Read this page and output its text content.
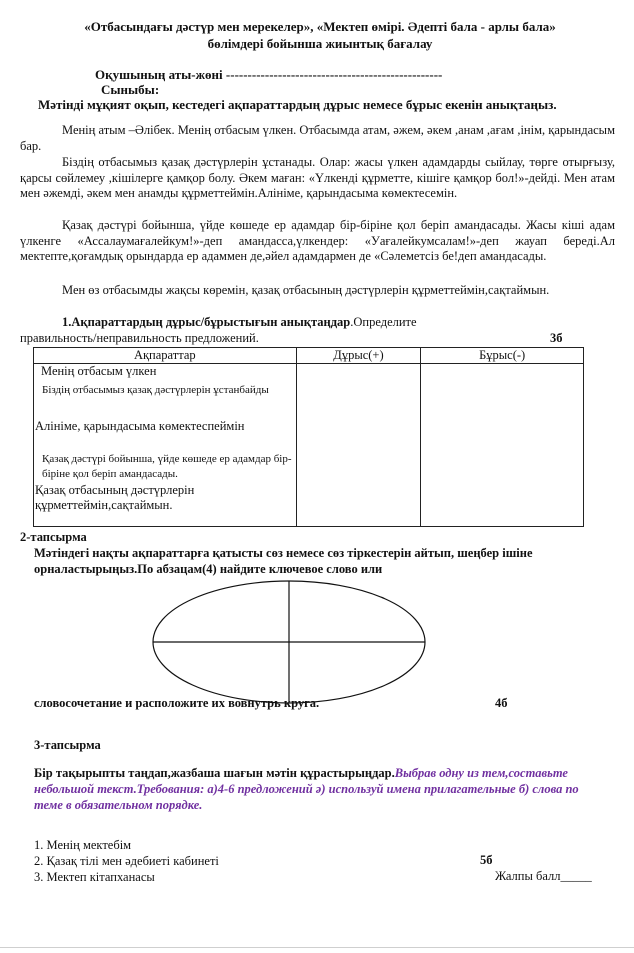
«Отбасындағы дәстүр мен мерекелер», «Мектеп өмірі. Әдепті бала - арлы бала»
бөлімдері бойынша жиынтық бағалау
Оқушының аты-жөні --------------------------------------------------
Сыныбы:
Мәтінді мұқият оқып, кестедегі ақпараттардың дұрыс немесе бұрыс екенін анықтаңыз.
Менің атым –Әлібек. Менің отбасым үлкен. Отбасымда атам, әжем, әкем ,анам ,ағам ,інім, қарындасым бар.
Біздің отбасымыз қазақ дәстүрлерін ұстанады. Олар: жасы үлкен адамдарды сыйлау, төрге отырғызу, қарсы сөйлемеу ,кішілерге қамқор болу. Әкем маған: «Үлкенді құрметте, кішіге қамқор бол!»-дейді. Мен атам мен әжемді, әкем мен анамды құрметтеймін.Алініме, қарындасыма көмектесемін.
Қазақ дәстүрі бойынша, үйде көшеде ер адамдар бір-біріне қол беріп амандасады. Жасы кіші адам үлкенге «Ассалаумағалейкум!»-деп амандасса,үлкендер: «Уағалейкумсалам!»-деп жауап береді.Ал мектепте,қоғамдық орындарда ер адаммен де,әйел адамдармен де «Сәлеметсіз бе!деп амандасады.
Мен өз отбасымды жақсы көремін, қазақ отбасының дәстүрлерін құрметтеймін,сақтаймын.
1.Ақпараттардың дұрыс/бұрыстығын анықтаңдар.Определите
правильность/неправильность предложений.	3б
Ақпараттар	Дұрыс(+)	Бұрыс(-)
Менің отбасым үлкен		
Біздің отбасымыз қазақ дәстүрлерін ұстанбайды		
Алініме, қарындасыма көмектеспеймін		
Қазақ дәстүрі бойынша, үйде көшеде ер адамдар бір-біріне қол беріп амандасады.		
Қазақ отбасының дәстүрлерін құрметтеймін,сақтаймын.		
2-тапсырма
Мәтіндегі нақты ақпараттарға қатысты сөз немесе сөз тіркестерін айтып, шеңбер ішіне орналастырыңыз.По абзацам(4) найдите ключевое слово или
словосочетание и расположите их вовнутрь круга.	4б
3-тапсырма
Бір тақырыпты таңдап,жазбаша шағын мәтін құрастырыңдар.Выбрав одну из тем,составьте небольшой текст.Требования: а)4-6 предложений ә) используй имена прилагательные б) слова по теме в обязательном порядке.
1. Менің мектебім
2. Қазақ тілі мен әдебиеті кабинеті
3. Мектеп кітапханасы
5б
Жалпы балл_____
